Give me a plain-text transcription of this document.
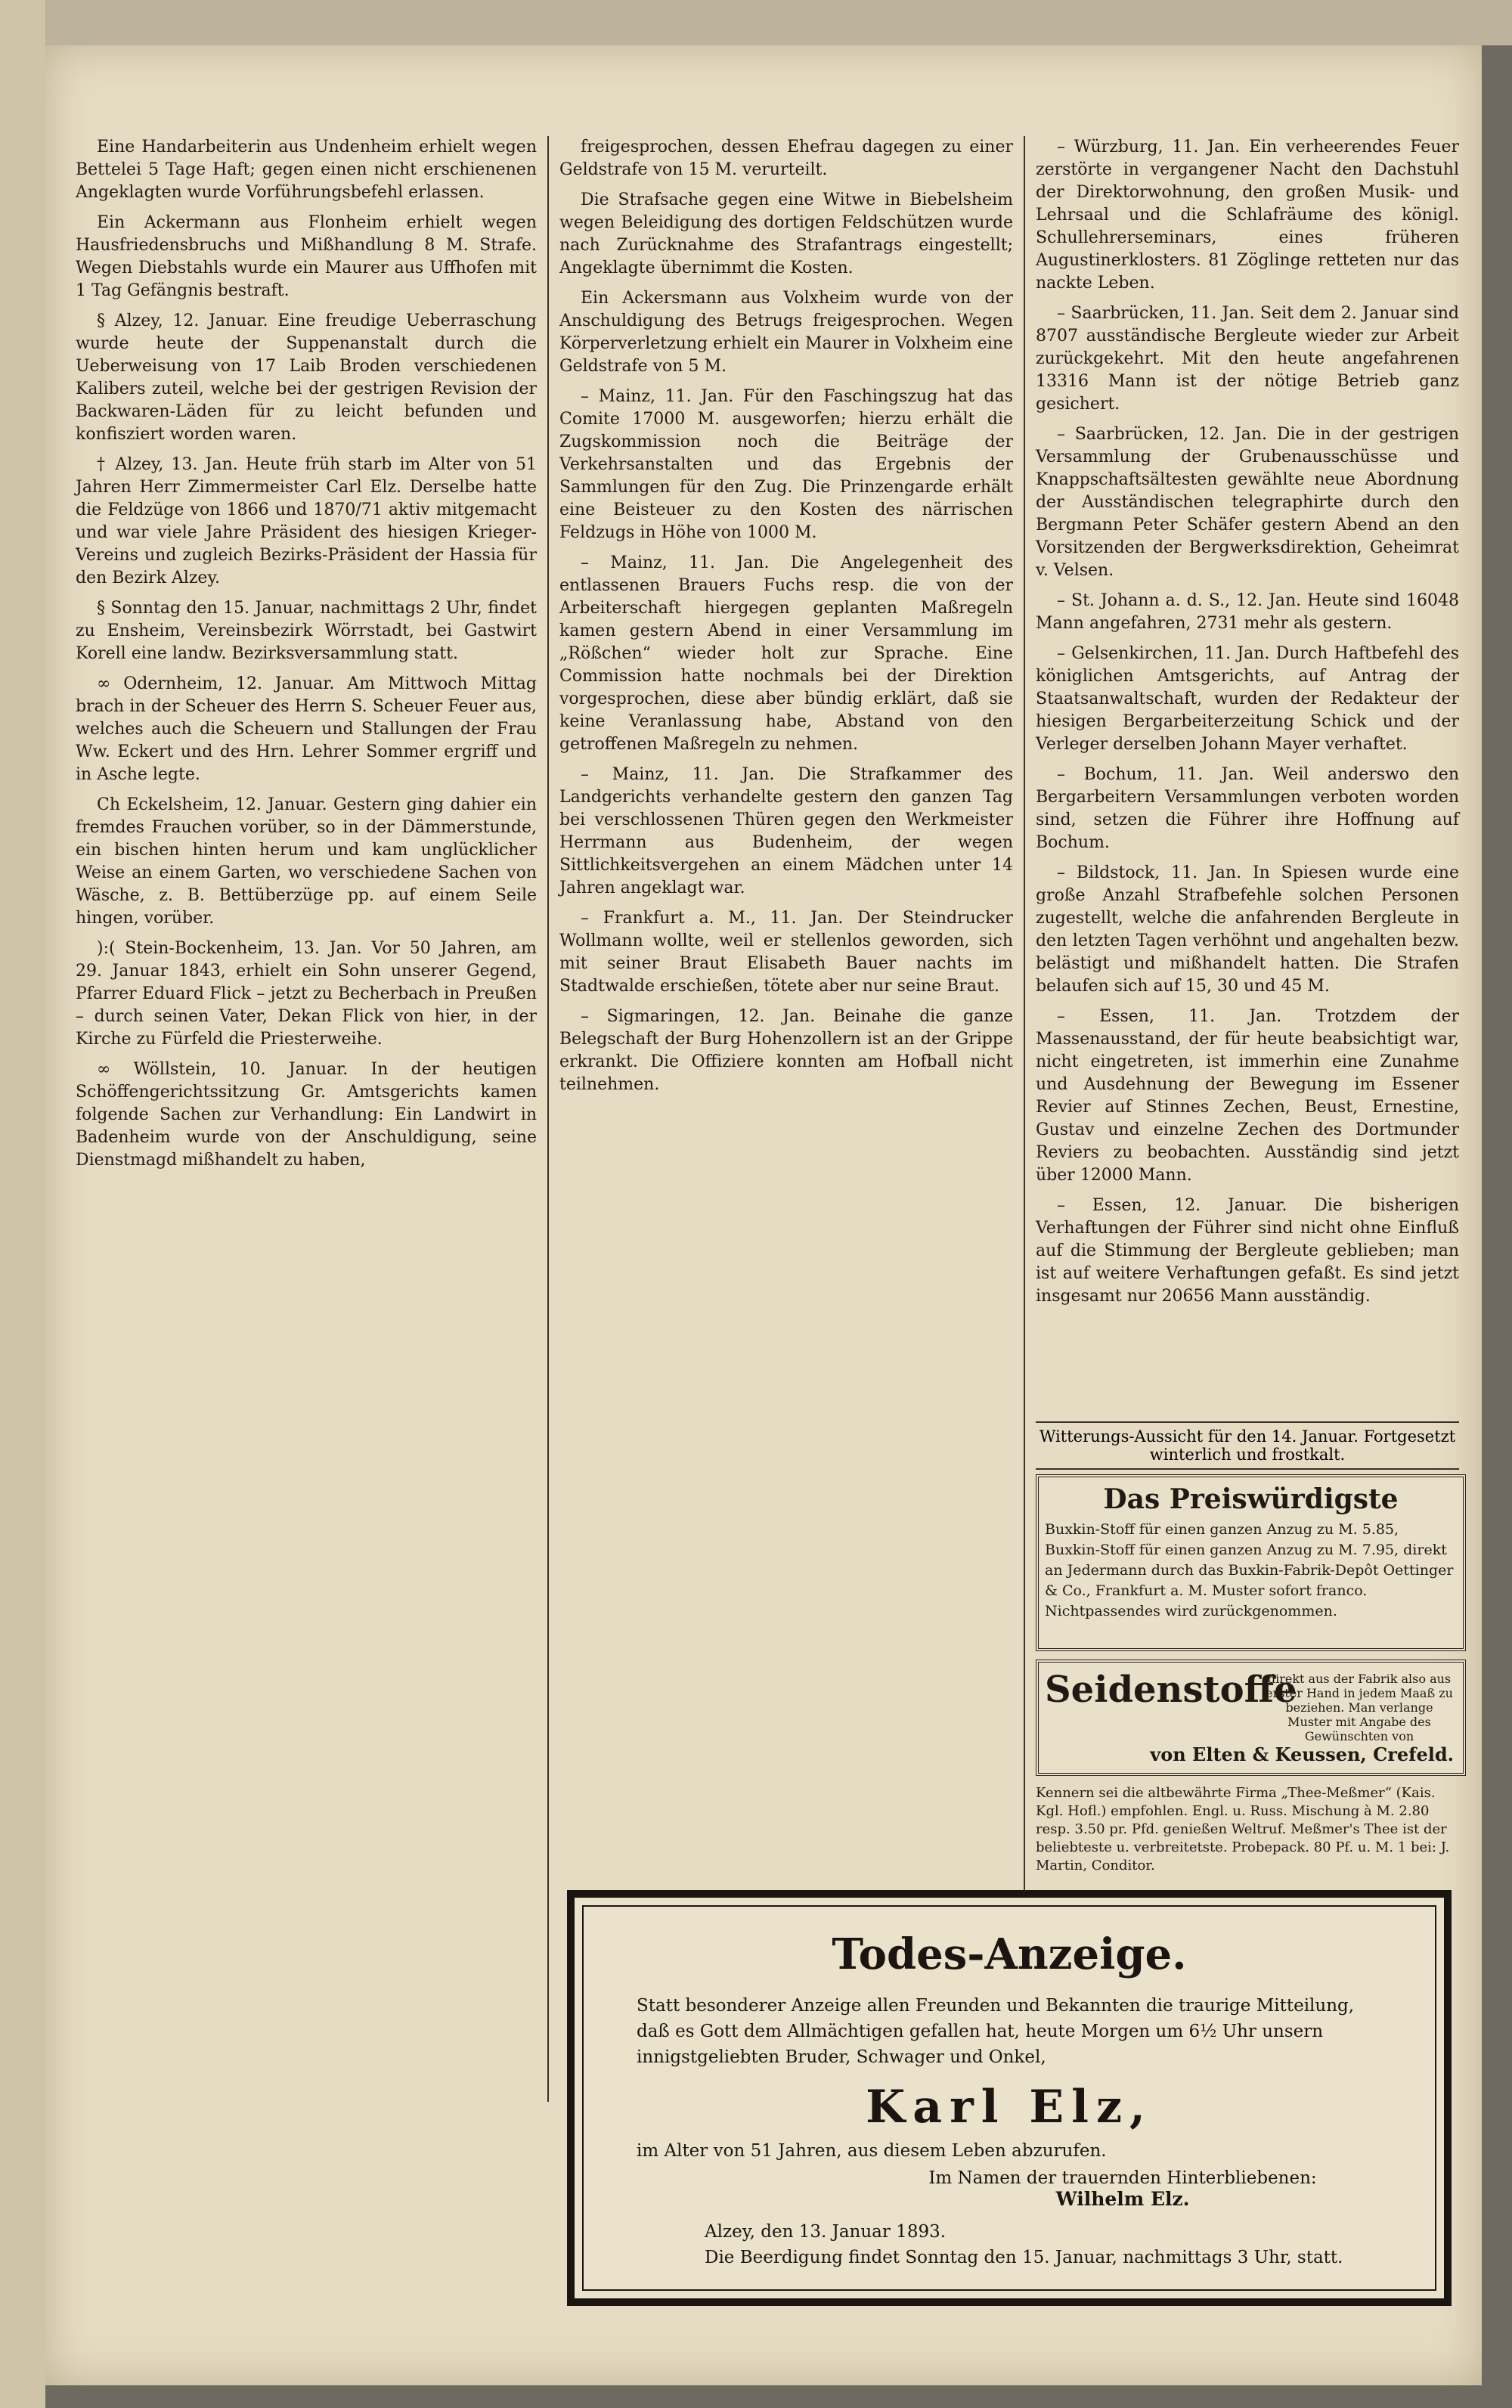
Eine Handarbeiterin aus Undenheim erhielt wegen Bettelei 5 Tage Haft; gegen einen nicht erschienenen Angeklagten wurde Vorführungsbefehl erlassen.

Ein Ackermann aus Flonheim erhielt wegen Hausfriedensbruchs und Mißhandlung 8 M. Strafe. Wegen Diebstahls wurde ein Maurer aus Uffhofen mit 1 Tag Gefängnis bestraft.

§ Alzey, 12. Januar. Eine freudige Ueberraschung wurde heute der Suppenanstalt durch die Ueberweisung von 17 Laib Broden verschiedenen Kalibers zuteil, welche bei der gestrigen Revision der Backwaren-Läden für zu leicht befunden und konfisziert worden waren.

† Alzey, 13. Jan. Heute früh starb im Alter von 51 Jahren Herr Zimmermeister Carl Elz. Derselbe hatte die Feldzüge von 1866 und 1870/71 aktiv mitgemacht und war viele Jahre Präsident des hiesigen Krieger-Vereins und zugleich Bezirks-Präsident der Hassia für den Bezirk Alzey.

§ Sonntag den 15. Januar, nachmittags 2 Uhr, findet zu Ensheim, Vereinsbezirk Wörrstadt, bei Gastwirt Korell eine landw. Bezirksversammlung statt.

∞ Odernheim, 12. Januar. Am Mittwoch Mittag brach in der Scheuer des Herrn S. Scheuer Feuer aus, welches auch die Scheuern und Stallungen der Frau Ww. Eckert und des Hrn. Lehrer Sommer ergriff und in Asche legte.

Ch Eckelsheim, 12. Januar. Gestern ging dahier ein fremdes Frauchen vorüber, so in der Dämmerstunde, ein bischen hinten herum und kam unglücklicher Weise an einem Garten, wo verschiedene Sachen von Wäsche, z. B. Bettüberzüge pp. auf einem Seile hingen, vorüber.

):( Stein-Bockenheim, 13. Jan. Vor 50 Jahren, am 29. Januar 1843, erhielt ein Sohn unserer Gegend, Pfarrer Eduard Flick – jetzt zu Becherbach in Preußen – durch seinen Vater, Dekan Flick von hier, in der Kirche zu Fürfeld die Priesterweihe.

∞ Wöllstein, 10. Januar. In der heutigen Schöffengerichtssitzung Gr. Amtsgerichts kamen folgende Sachen zur Verhandlung: Ein Landwirt in Badenheim wurde von der Anschuldigung, seine Dienstmagd mißhandelt zu haben,

freigesprochen, dessen Ehefrau dagegen zu einer Geldstrafe von 15 M. verurteilt.

Die Strafsache gegen eine Witwe in Biebelsheim wegen Beleidigung des dortigen Feldschützen wurde nach Zurücknahme des Strafantrags eingestellt; Angeklagte übernimmt die Kosten.

Ein Ackersmann aus Volxheim wurde von der Anschuldigung des Betrugs freigesprochen. Wegen Körperverletzung erhielt ein Maurer in Volxheim eine Geldstrafe von 5 M.

– Mainz, 11. Jan. Für den Faschingszug hat das Comite 17000 M. ausgeworfen; hierzu erhält die Zugskommission noch die Beiträge der Verkehrsanstalten und das Ergebnis der Sammlungen für den Zug. Die Prinzengarde erhält eine Beisteuer zu den Kosten des närrischen Feldzugs in Höhe von 1000 M.

– Mainz, 11. Jan. Die Angelegenheit des entlassenen Brauers Fuchs resp. die von der Arbeiterschaft hiergegen geplanten Maßregeln kamen gestern Abend in einer Versammlung im „Rößchen“ wieder holt zur Sprache. Eine Commission hatte nochmals bei der Direktion vorgesprochen, diese aber bündig erklärt, daß sie keine Veranlassung habe, Abstand von den getroffenen Maßregeln zu nehmen.

– Mainz, 11. Jan. Die Strafkammer des Landgerichts verhandelte gestern den ganzen Tag bei verschlossenen Thüren gegen den Werkmeister Herrmann aus Budenheim, der wegen Sittlichkeitsvergehen an einem Mädchen unter 14 Jahren angeklagt war.

– Frankfurt a. M., 11. Jan. Der Steindrucker Wollmann wollte, weil er stellenlos geworden, sich mit seiner Braut Elisabeth Bauer nachts im Stadtwalde erschießen, tötete aber nur seine Braut.

– Sigmaringen, 12. Jan. Beinahe die ganze Belegschaft der Burg Hohenzollern ist an der Grippe erkrankt. Die Offiziere konnten am Hofball nicht teilnehmen.

– Würzburg, 11. Jan. Ein verheerendes Feuer zerstörte in vergangener Nacht den Dachstuhl der Direktorwohnung, den großen Musik- und Lehrsaal und die Schlafräume des königl. Schullehrerseminars, eines früheren Augustinerklosters. 81 Zöglinge retteten nur das nackte Leben.

– Saarbrücken, 11. Jan. Seit dem 2. Januar sind 8707 ausständische Bergleute wieder zur Arbeit zurückgekehrt. Mit den heute angefahrenen 13316 Mann ist der nötige Betrieb ganz gesichert.

– Saarbrücken, 12. Jan. Die in der gestrigen Versammlung der Grubenausschüsse und Knappschaftsältesten gewählte neue Abordnung der Ausständischen telegraphirte durch den Bergmann Peter Schäfer gestern Abend an den Vorsitzenden der Bergwerksdirektion, Geheimrat v. Velsen.

– St. Johann a. d. S., 12. Jan. Heute sind 16048 Mann angefahren, 2731 mehr als gestern.

– Gelsenkirchen, 11. Jan. Durch Haftbefehl des königlichen Amtsgerichts, auf Antrag der Staatsanwaltschaft, wurden der Redakteur der hiesigen Bergarbeiterzeitung Schick und der Verleger derselben Johann Mayer verhaftet.

– Bochum, 11. Jan. Weil anderswo den Bergarbeitern Versammlungen verboten worden sind, setzen die Führer ihre Hoffnung auf Bochum.

– Bildstock, 11. Jan. In Spiesen wurde eine große Anzahl Strafbefehle solchen Personen zugestellt, welche die anfahrenden Bergleute in den letzten Tagen verhöhnt und angehalten bezw. belästigt und mißhandelt hatten. Die Strafen belaufen sich auf 15, 30 und 45 M.

– Essen, 11. Jan. Trotzdem der Massenausstand, der für heute beabsichtigt war, nicht eingetreten, ist immerhin eine Zunahme und Ausdehnung der Bewegung im Essener Revier auf Stinnes Zechen, Beust, Ernestine, Gustav und einzelne Zechen des Dortmunder Reviers zu beobachten. Ausständig sind jetzt über 12000 Mann.

– Essen, 12. Januar. Die bisherigen Verhaftungen der Führer sind nicht ohne Einfluß auf die Stimmung der Bergleute geblieben; man ist auf weitere Verhaftungen gefaßt. Es sind jetzt insgesamt nur 20656 Mann ausständig.

Witterungs-Aussicht für den 14. Januar. Fortgesetzt winterlich und frostkalt.
Das Preiswürdigste
Buxkin-Stoff für einen ganzen Anzug zu M. 5.85, Buxkin-Stoff für einen ganzen Anzug zu M. 7.95, direkt an Jedermann durch das Buxkin-Fabrik-Depôt Oettinger & Co., Frankfurt a. M. Muster sofort franco. Nichtpassendes wird zurückgenommen.
Seidenstoffe
direkt aus der Fabrik also aus erster Hand in jedem Maaß zu beziehen. Man verlange Muster mit Angabe des Gewünschten von
von Elten & Keussen, Crefeld.
Kennern sei die altbewährte Firma „Thee-Meßmer“ (Kais. Kgl. Hofl.) empfohlen. Engl. u. Russ. Mischung à M. 2.80 resp. 3.50 pr. Pfd. genießen Weltruf. Meßmer's Thee ist der beliebteste u. verbreitetste. Probepack. 80 Pf. u. M. 1 bei: J. Martin, Conditor.
Todes-Anzeige.
Statt besonderer Anzeige allen Freunden und Bekannten die traurige Mitteilung, daß es Gott dem Allmächtigen gefallen hat, heute Morgen um 6½ Uhr unsern innigstgeliebten Bruder, Schwager und Onkel,
Karl Elz,
im Alter von 51 Jahren, aus diesem Leben abzurufen.
Im Namen der trauernden Hinterbliebenen:
Wilhelm Elz.
Alzey, den 13. Januar 1893.
Die Beerdigung findet Sonntag den 15. Januar, nachmittags 3 Uhr, statt.
